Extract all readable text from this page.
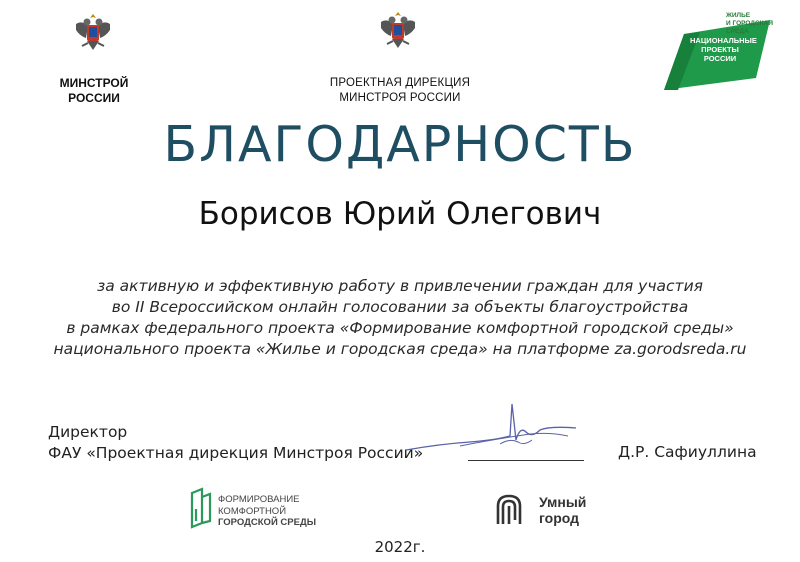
МИНСТРОЙ
РОССИИ
ПРОЕКТНАЯ ДИРЕКЦИЯ
МИНСТРОЯ РОССИИ
ЖИЛЬЕ
И ГОРОДСКАЯ СРЕДА
НАЦИОНАЛЬНЫЕ
ПРОЕКТЫ
РОССИИ
БЛАГОДАРНОСТЬ
Борисов Юрий Олегович
за активную и эффективную работу в привлечении граждан для участия
во II Всероссийском онлайн голосовании за объекты благоустройства
в рамках федерального проекта «Формирование комфортной городской среды»
национального проекта «Жилье и городская среда» на платформе za.gorodsreda.ru
Директор
ФАУ «Проектная дирекция Минстроя России»	Д.Р. Сафиуллина
ФОРМИРОВАНИЕ
КОМФОРТНОЙ
ГОРОДСКОЙ СРЕДЫ
Умный
город
2022г.
